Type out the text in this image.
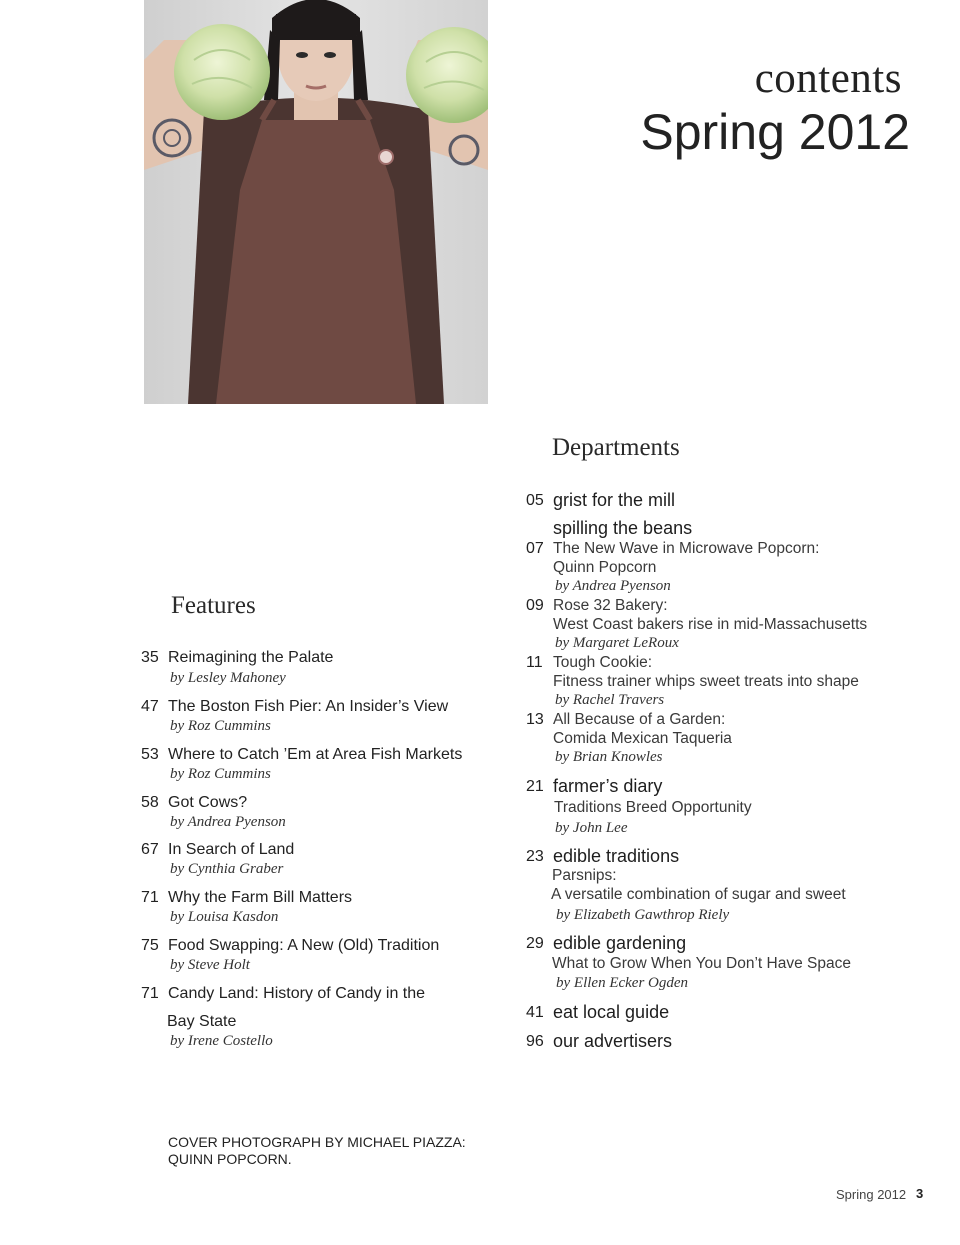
contents
Spring 2012
Features
35 Reimagining the Palate
by Lesley Mahoney
47 The Boston Fish Pier: An Insider’s View
by Roz Cummins
53 Where to Catch ’Em at Area Fish Markets
by Roz Cummins
58 Got Cows?
by Andrea Pyenson
67 In Search of Land
by Cynthia Graber
71 Why the Farm Bill Matters
by Louisa Kasdon
75 Food Swapping: A New (Old) Tradition
by Steve Holt
71 Candy Land: History of Candy in the
Bay State
by Irene Costello
Departments
05 grist for the mill
spilling the beans
07 The New Wave in Microwave Popcorn:
Quinn Popcorn
by Andrea Pyenson
09 Rose 32 Bakery:
West Coast bakers rise in mid-Massachusetts
by Margaret LeRoux
11 Tough Cookie:
Fitness trainer whips sweet treats into shape
by Rachel Travers
13 All Because of a Garden:
Comida Mexican Taqueria
by Brian Knowles
21 farmer’s diary
Traditions Breed Opportunity
by John Lee
23 edible traditions
Parsnips:
A versatile combination of sugar and sweet
by Elizabeth Gawthrop Riely
29 edible gardening
What to Grow When You Don’t Have Space
by Ellen Ecker Ogden
41 eat local guide
96 our advertisers
COVER PHOTOGRAPH BY MICHAEL PIAZZA:
QUINN POPCORN.
Spring 2012 3
